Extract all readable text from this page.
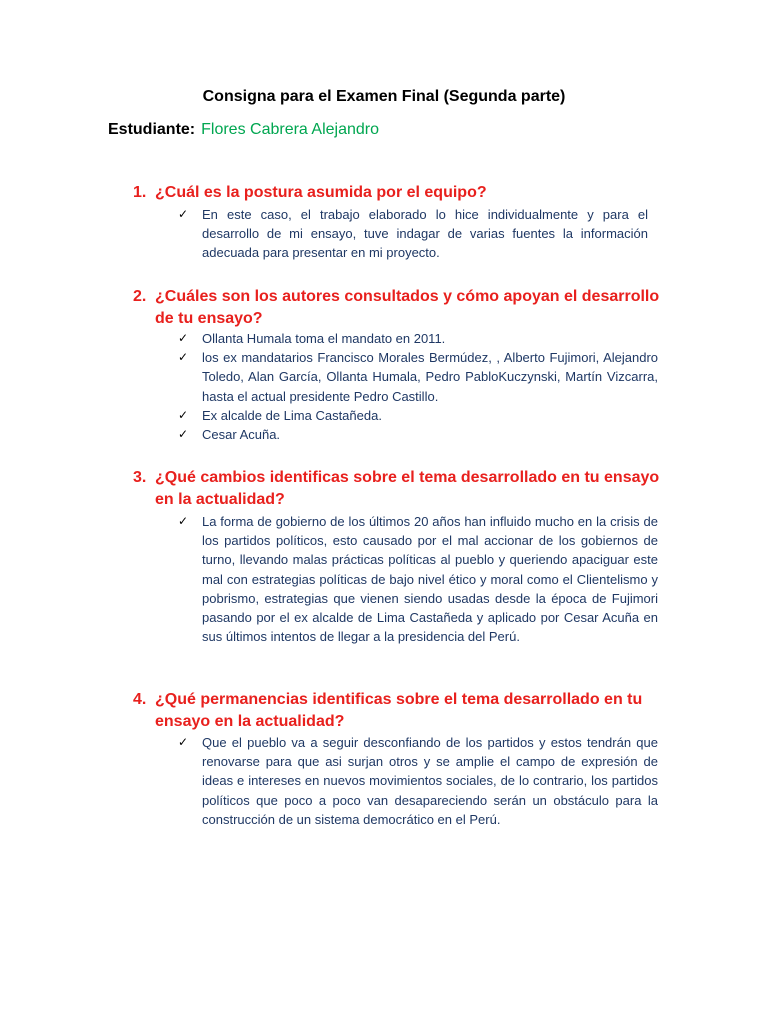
Consigna para el Examen Final (Segunda parte)
Estudiante: Flores Cabrera Alejandro
1. ¿Cuál es la postura asumida por el equipo?
✓ En este caso, el trabajo elaborado lo hice individualmente y para el desarrollo de mi ensayo, tuve indagar de varias fuentes la información adecuada para presentar en mi proyecto.
2. ¿Cuáles son los autores consultados y cómo apoyan el desarrollo de tu ensayo?
✓ Ollanta Humala toma el mandato en 2011.
✓ los ex mandatarios Francisco Morales Bermúdez, , Alberto Fujimori, Alejandro Toledo, Alan García, Ollanta Humala, Pedro PabloKuczynski, Martín Vizcarra, hasta el actual presidente Pedro Castillo.
✓ Ex alcalde de Lima Castañeda.
✓ Cesar Acuña.
3. ¿Qué cambios identificas sobre el tema desarrollado en tu ensayo en la actualidad?
✓ La forma de gobierno de los últimos 20 años han influido mucho en la crisis de los partidos políticos, esto causado por el mal accionar de los gobiernos de turno, llevando malas prácticas políticas al pueblo y queriendo apaciguar este mal con estrategias políticas de bajo nivel ético y moral como el Clientelismo y pobrismo, estrategias que vienen siendo usadas desde la época de Fujimori pasando por el ex alcalde de Lima Castañeda y aplicado por Cesar Acuña en sus últimos intentos de llegar a la presidencia del Perú.
4. ¿Qué permanencias identificas sobre el tema desarrollado en tu ensayo en la actualidad?
✓ Que el pueblo va a seguir desconfiando de los partidos y estos tendrán que renovarse para que asi surjan otros y se amplie el campo de expresión de ideas e intereses en nuevos movimientos sociales, de lo contrario, los partidos políticos que poco a poco van desapareciendo serán un obstáculo para la construcción de un sistema democrático en el Perú.
